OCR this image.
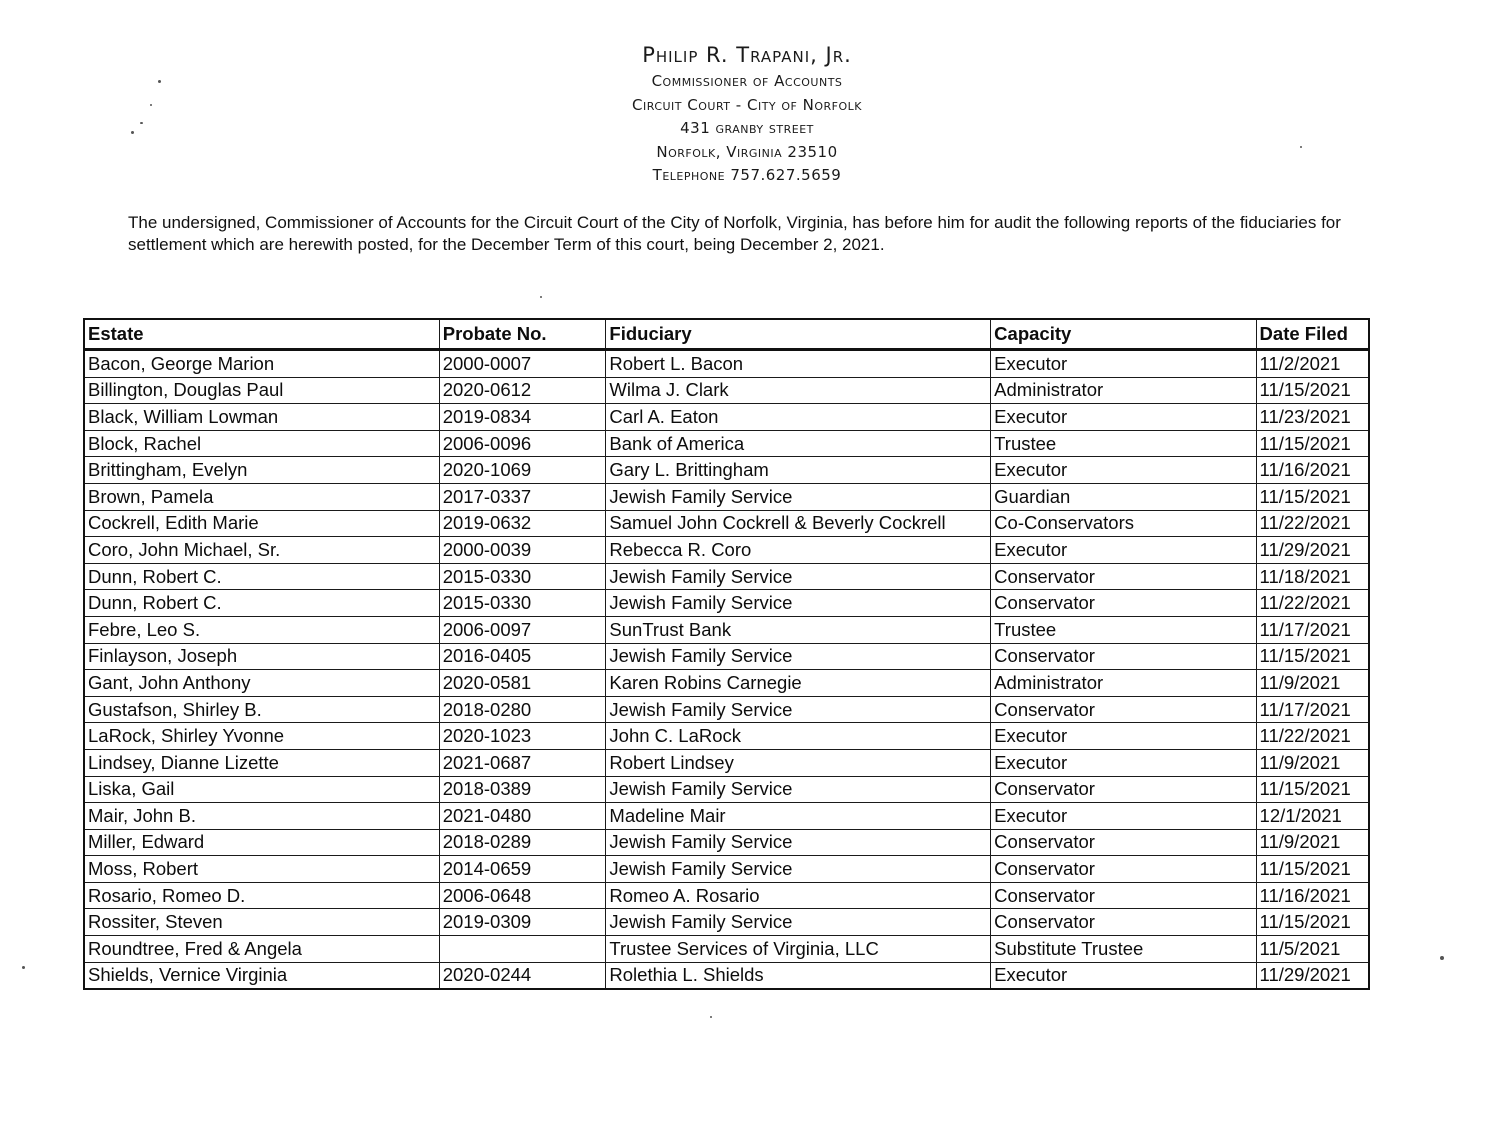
Philip R. Trapani, Jr.
Commissioner of Accounts
Circuit Court - City of Norfolk
431 granby street
Norfolk, Virginia 23510
Telephone 757.627.5659
The undersigned, Commissioner of Accounts for the Circuit Court of the City of Norfolk, Virginia, has before him for audit the following reports of the fiduciaries for settlement which are herewith posted, for the December Term of this court, being December 2, 2021.
Estate	Probate No.	Fiduciary	Capacity	Date Filed
Bacon, George Marion	2000-0007	Robert L. Bacon	Executor	11/2/2021
Billington, Douglas Paul	2020-0612	Wilma J. Clark	Administrator	11/15/2021
Black, William Lowman	2019-0834	Carl A. Eaton	Executor	11/23/2021
Block, Rachel	2006-0096	Bank of America	Trustee	11/15/2021
Brittingham, Evelyn	2020-1069	Gary L. Brittingham	Executor	11/16/2021
Brown, Pamela	2017-0337	Jewish Family Service	Guardian	11/15/2021
Cockrell, Edith Marie	2019-0632	Samuel John Cockrell & Beverly Cockrell	Co-Conservators	11/22/2021
Coro, John Michael, Sr.	2000-0039	Rebecca R. Coro	Executor	11/29/2021
Dunn, Robert C.	2015-0330	Jewish Family Service	Conservator	11/18/2021
Dunn, Robert C.	2015-0330	Jewish Family Service	Conservator	11/22/2021
Febre, Leo S.	2006-0097	SunTrust Bank	Trustee	11/17/2021
Finlayson, Joseph	2016-0405	Jewish Family Service	Conservator	11/15/2021
Gant, John Anthony	2020-0581	Karen Robins Carnegie	Administrator	11/9/2021
Gustafson, Shirley B.	2018-0280	Jewish Family Service	Conservator	11/17/2021
LaRock, Shirley Yvonne	2020-1023	John C. LaRock	Executor	11/22/2021
Lindsey, Dianne Lizette	2021-0687	Robert Lindsey	Executor	11/9/2021
Liska, Gail	2018-0389	Jewish Family Service	Conservator	11/15/2021
Mair, John B.	2021-0480	Madeline Mair	Executor	12/1/2021
Miller, Edward	2018-0289	Jewish Family Service	Conservator	11/9/2021
Moss, Robert	2014-0659	Jewish Family Service	Conservator	11/15/2021
Rosario, Romeo D.	2006-0648	Romeo A. Rosario	Conservator	11/16/2021
Rossiter, Steven	2019-0309	Jewish Family Service	Conservator	11/15/2021
Roundtree, Fred & Angela		Trustee Services of Virginia, LLC	Substitute Trustee	11/5/2021
Shields, Vernice Virginia	2020-0244	Rolethia L. Shields	Executor	11/29/2021
